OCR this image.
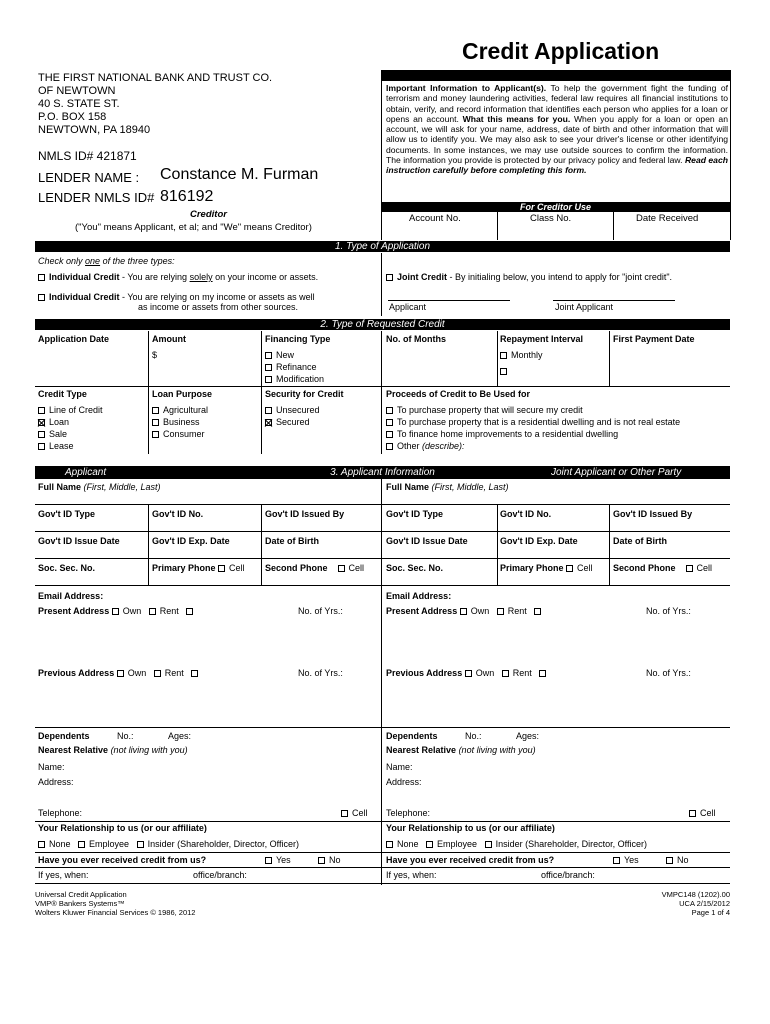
Credit Application
THE FIRST NATIONAL BANK AND TRUST CO.
OF NEWTOWN
40 S. STATE ST.
P.O. BOX 158
NEWTOWN, PA 18940
NMLS ID# 421871
LENDER NAME : Constance M. Furman
LENDER NMLS ID# 816192
Creditor
("You" means Applicant, et al; and "We" means Creditor)
Important Information to Applicant(s). To help the government fight the funding of terrorism and money laundering activities, federal law requires all financial institutions to obtain, verify, and record information that identifies each person who applies for a loan or opens an account. What this means for you. When you apply for a loan or open an account, we will ask for your name, address, date of birth and other information that will allow us to identify you. We may also ask to see your driver's license or other identifying documents. In some instances, we may use outside sources to confirm the information. The information you provide is protected by our privacy policy and federal law. Read each instruction carefully before completing this form.
For Creditor Use
Account No.	Class No.	Date Received
1. Type of Application
Check only one of the three types:
Individual Credit - You are relying solely on your income or assets.	Joint Credit - By initialing below, you intend to apply for "joint credit".
Individual Credit - You are relying on my income or assets as well
as income or assets from other sources.	Applicant	Joint Applicant
2. Type of Requested Credit
Application Date	Amount	Financing Type	No. of Months	Repayment Interval	First Payment Date
$	New
Refinance
Modification
Monthly
Credit Type	Loan Purpose	Security for Credit	Proceeds of Credit to Be Used for
Line of Credit
Loan
Sale
Lease
Agricultural
Business
Consumer
Unsecured
Secured
To purchase property that will secure my credit
To purchase property that is a residential dwelling and is not real estate
To finance home improvements to a residential dwelling
Other (describe):
Applicant	3. Applicant Information	Joint Applicant or Other Party
Full Name (First, Middle, Last)
Gov't ID Type	Gov't ID No.	Gov't ID Issued By
Gov't ID Issue Date	Gov't ID Exp. Date	Date of Birth
Soc. Sec. No.	Primary Phone Cell Second Phone Cell
Email Address:
Present Address Own   Rent	No. of Yrs.:
Previous Address Own   Rent	No. of Yrs.:
Dependents           No.:              Ages:
Nearest Relative (not living with you)
Name:
Address:
Telephone:	Cell
Your Relationship to us (or our affiliate)
None   Employee   Insider (Shareholder, Director, Officer)
Have you ever received credit from us?	Yes	No
If yes, when:	office/branch:
Full Name (First, Middle, Last)
Gov't ID Type	Gov't ID No.	Gov't ID Issued By
Gov't ID Issue Date	Gov't ID Exp. Date	Date of Birth
Soc. Sec. No.	Primary Phone Cell Second Phone Cell
Email Address:
Present Address Own   Rent	No. of Yrs.:
Previous Address Own   Rent	No. of Yrs.:
Dependents           No.:              Ages:
Nearest Relative (not living with you)
Name:
Address:
Telephone:	Cell
Your Relationship to us (or our affiliate)
None   Employee   Insider (Shareholder, Director, Officer)
Have you ever received credit from us?	Yes	No
If yes, when:	office/branch:
Universal Credit Application
VMP® Bankers Systems™
Wolters Kluwer Financial Services © 1986, 2012
VMPC148 (1202).00
UCA 2/15/2012
Page 1 of 4
